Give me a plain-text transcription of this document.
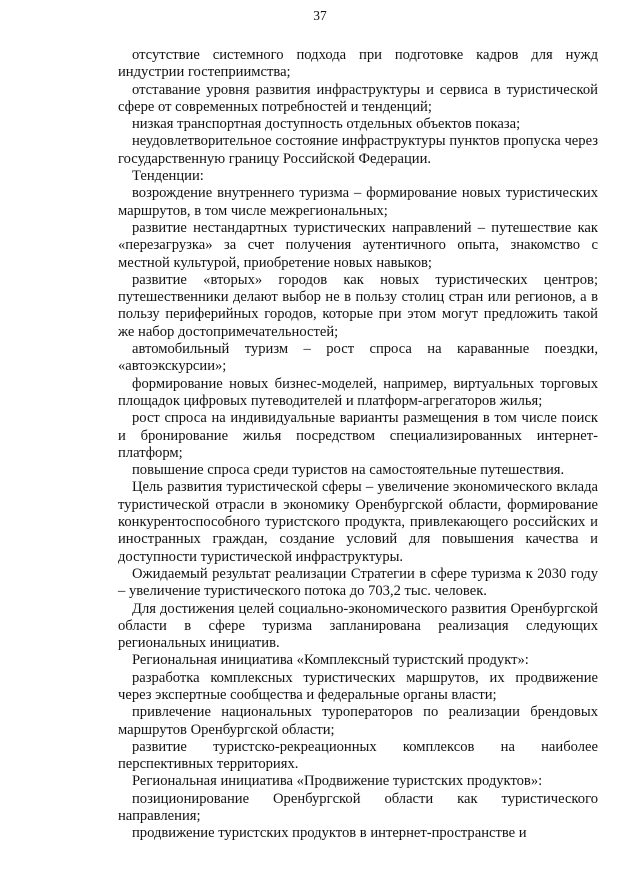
37

отсутствие системного подхода при подготовке кадров для нужд индустрии гостеприимства;

отставание уровня развития инфраструктуры и сервиса в туристической сфере от современных потребностей и тенденций;

низкая транспортная доступность отдельных объектов показа;

неудовлетворительное состояние инфраструктуры пунктов пропуска через государственную границу Российской Федерации.

Тенденции:

возрождение внутреннего туризма – формирование новых туристических маршрутов, в том числе межрегиональных;

развитие нестандартных туристических направлений – путешествие как «перезагрузка» за счет получения аутентичного опыта, знакомство с местной культурой, приобретение новых навыков;

развитие «вторых» городов как новых туристических центров; путешественники делают выбор не в пользу столиц стран или регионов, а в пользу периферийных городов, которые при этом могут предложить такой же набор достопримечательностей;

автомобильный туризм – рост спроса на караванные поездки, «автоэкскурсии»;

формирование новых бизнес-моделей, например, виртуальных торговых площадок цифровых путеводителей и платформ-агрегаторов жилья;

рост спроса на индивидуальные варианты размещения в том числе поиск и бронирование жилья посредством специализированных интернет-платформ;

повышение спроса среди туристов на самостоятельные путешествия.

Цель развития туристической сферы – увеличение экономического вклада туристической отрасли в экономику Оренбургской области, формирование конкурентоспособного туристского продукта, привлекающего российских и иностранных граждан, создание условий для повышения качества и доступности туристической инфраструктуры.

Ожидаемый результат реализации Стратегии в сфере туризма к 2030 году – увеличение туристического потока до 703,2 тыс. человек.

Для достижения целей социально-экономического развития Оренбургской области в сфере туризма запланирована реализация следующих региональных инициатив.

Региональная инициатива «Комплексный туристский продукт»:

разработка комплексных туристических маршрутов, их продвижение через экспертные сообщества и федеральные органы власти;

привлечение национальных туроператоров по реализации брендовых маршрутов Оренбургской области;

развитие туристско-рекреационных комплексов на наиболее перспективных территориях.

Региональная инициатива «Продвижение туристских продуктов»:

позиционирование Оренбургской области как туристического направления;

продвижение туристских продуктов в интернет-пространстве и
